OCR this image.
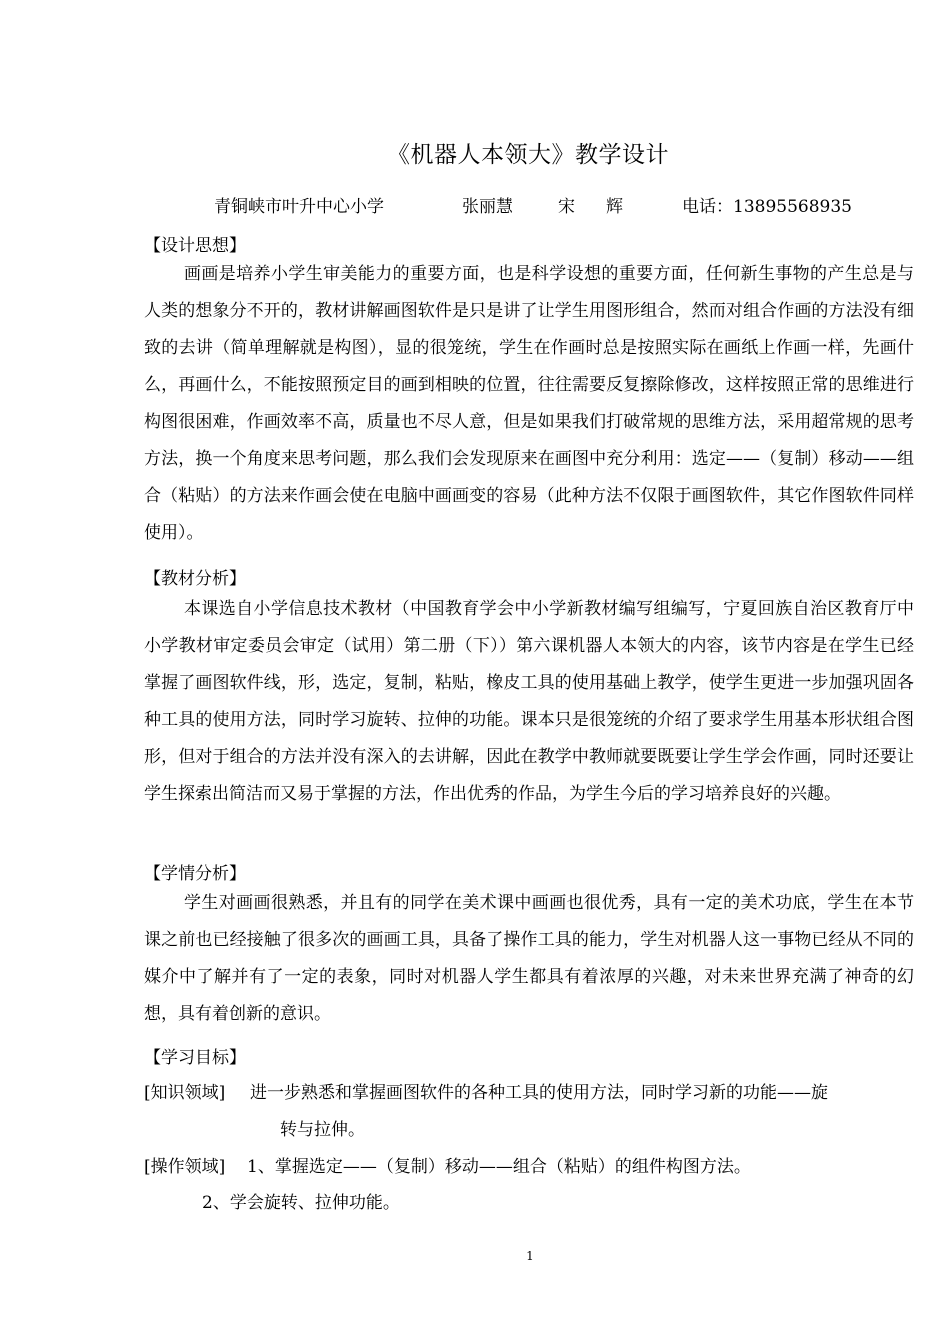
《机器人本领大》教学设计
青铜峡市叶升中心小学	张丽慧	宋 辉	电话：13895568935
【设计思想】

画画是培养小学生审美能力的重要方面，也是科学设想的重要方面，任何新生事物的产生总是与人类的想象分不开的，教材讲解画图软件是只是讲了让学生用图形组合，然而对组合作画的方法没有细致的去讲（简单理解就是构图），显的很笼统，学生在作画时总是按照实际在画纸上作画一样，先画什么，再画什么，不能按照预定目的画到相映的位置，往往需要反复擦除修改，这样按照正常的思维进行构图很困难，作画效率不高，质量也不尽人意，但是如果我们打破常规的思维方法，采用超常规的思考方法，换一个角度来思考问题，那么我们会发现原来在画图中充分利用：选定——（复制）移动——组合（粘贴）的方法来作画会使在电脑中画画变的容易（此种方法不仅限于画图软件，其它作图软件同样使用）。

【教材分析】

本课选自小学信息技术教材（中国教育学会中小学新教材编写组编写，宁夏回族自治区教育厅中小学教材审定委员会审定（试用）第二册（下））第六课机器人本领大的内容，该节内容是在学生已经掌握了画图软件线，形，选定，复制，粘贴，橡皮工具的使用基础上教学，使学生更进一步加强巩固各种工具的使用方法，同时学习旋转、拉伸的功能。课本只是很笼统的介绍了要求学生用基本形状组合图形，但对于组合的方法并没有深入的去讲解，因此在教学中教师就要既要让学生学会作画，同时还要让学生探索出简洁而又易于掌握的方法，作出优秀的作品，为学生今后的学习培养良好的兴趣。

【学情分析】

学生对画画很熟悉，并且有的同学在美术课中画画也很优秀，具有一定的美术功底，学生在本节课之前也已经接触了很多次的画画工具，具备了操作工具的能力，学生对机器人这一事物已经从不同的媒介中了解并有了一定的表象，同时对机器人学生都具有着浓厚的兴趣，对未来世界充满了神奇的幻想，具有着创新的意识。

【学习目标】
[知识领域] 进一步熟悉和掌握画图软件的各种工具的使用方法，同时学习新的功能——旋
转与拉伸。
[操作领域] 1、掌握选定——（复制）移动——组合（粘贴）的组件构图方法。
2、学会旋转、拉伸功能。
1
